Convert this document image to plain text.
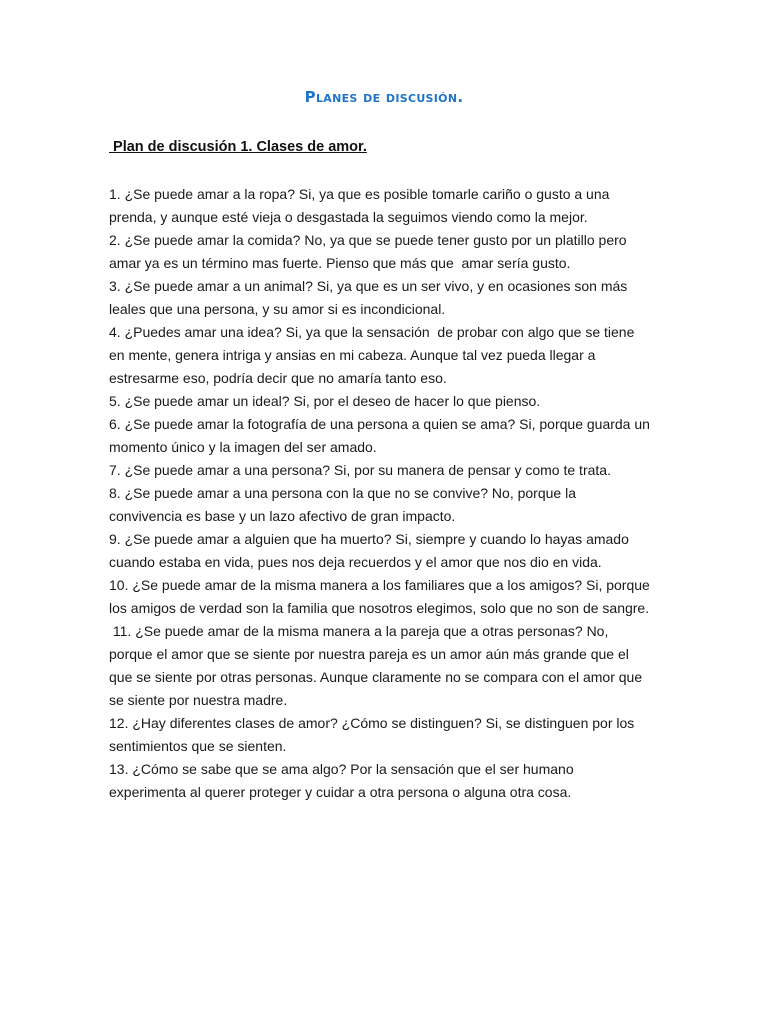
Planes de discusión.
Plan de discusión 1. Clases de amor.
1. ¿Se puede amar a la ropa? Si, ya que es posible tomarle cariño o gusto a una
prenda, y aunque esté vieja o desgastada la seguimos viendo como la mejor.
2. ¿Se puede amar la comida? No, ya que se puede tener gusto por un platillo pero
amar ya es un término mas fuerte. Pienso que más que  amar sería gusto.
3. ¿Se puede amar a un animal? Si, ya que es un ser vivo, y en ocasiones son más
leales que una persona, y su amor si es incondicional.
4. ¿Puedes amar una idea? Si, ya que la sensación  de probar con algo que se tiene
en mente, genera intriga y ansias en mi cabeza. Aunque tal vez pueda llegar a
estresarme eso, podría decir que no amaría tanto eso.
5. ¿Se puede amar un ideal? Si, por el deseo de hacer lo que pienso.
6. ¿Se puede amar la fotografía de una persona a quien se ama? Si, porque guarda un
momento único y la imagen del ser amado.
7. ¿Se puede amar a una persona? Si, por su manera de pensar y como te trata.
8. ¿Se puede amar a una persona con la que no se convive? No, porque la
convivencia es base y un lazo afectivo de gran impacto.
9. ¿Se puede amar a alguien que ha muerto? Si, siempre y cuando lo hayas amado
cuando estaba en vida, pues nos deja recuerdos y el amor que nos dio en vida.
10. ¿Se puede amar de la misma manera a los familiares que a los amigos? Si, porque
los amigos de verdad son la familia que nosotros elegimos, solo que no son de sangre.
11. ¿Se puede amar de la misma manera a la pareja que a otras personas? No,
porque el amor que se siente por nuestra pareja es un amor aún más grande que el
que se siente por otras personas. Aunque claramente no se compara con el amor que
se siente por nuestra madre.
12. ¿Hay diferentes clases de amor? ¿Cómo se distinguen? Si, se distinguen por los
sentimientos que se sienten.
13. ¿Cómo se sabe que se ama algo? Por la sensación que el ser humano
experimenta al querer proteger y cuidar a otra persona o alguna otra cosa.
